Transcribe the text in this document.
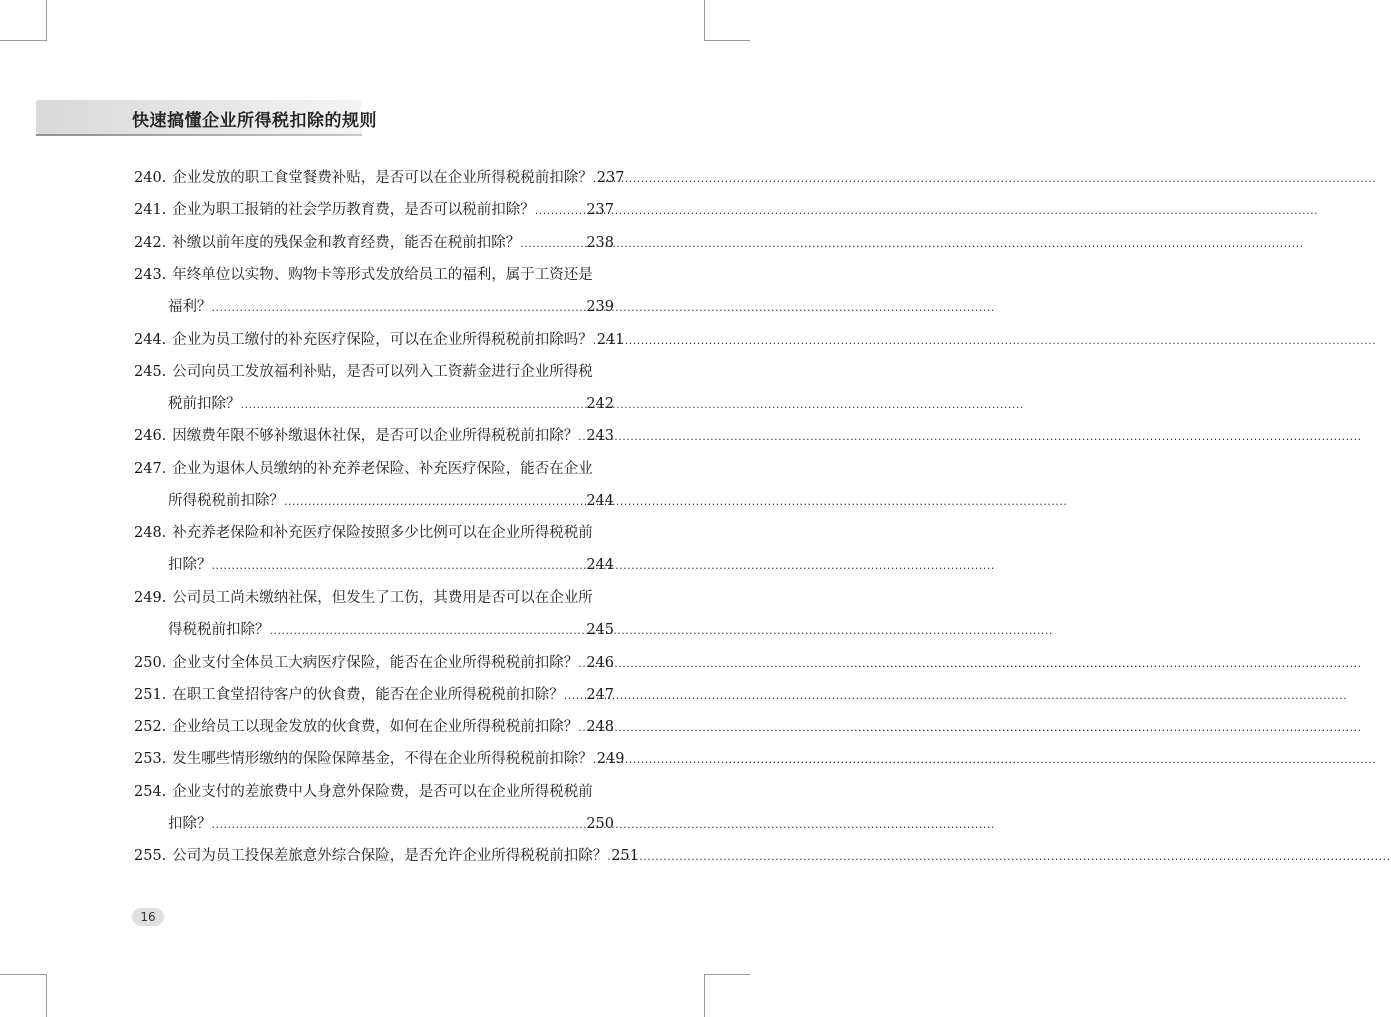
快速搞懂企业所得税扣除的规则
240. 企业发放的职工食堂餐费补贴，是否可以在企业所得税税前扣除？ ..... 237
241. 企业为职工报销的社会学历教育费，是否可以税前扣除？ .....	237
242. 补缴以前年度的残保金和教育经费，能否在税前扣除？ .....	238
243. 年终单位以实物、购物卡等形式发放给员工的福利，属于工资还是
福利？ .....	239
244. 企业为员工缴付的补充医疗保险，可以在企业所得税税前扣除吗？ ..... 241
245. 公司向员工发放福利补贴，是否可以列入工资薪金进行企业所得税
税前扣除？ .....	242
246. 因缴费年限不够补缴退休社保，是否可以企业所得税税前扣除？ ..... 243
247. 企业为退休人员缴纳的补充养老保险、补充医疗保险，能否在企业
所得税税前扣除？ .....	244
248. 补充养老保险和补充医疗保险按照多少比例可以在企业所得税税前
扣除？ .....	244
249. 公司员工尚未缴纳社保，但发生了工伤，其费用是否可以在企业所
得税税前扣除？ .....	245
250. 企业支付全体员工大病医疗保险，能否在企业所得税税前扣除？ ..... 246
251. 在职工食堂招待客户的伙食费，能否在企业所得税税前扣除？ ..... 247
252. 企业给员工以现金发放的伙食费，如何在企业所得税税前扣除？ ..... 248
253. 发生哪些情形缴纳的保险保障基金，不得在企业所得税税前扣除？ ..... 249
254. 企业支付的差旅费中人身意外保险费，是否可以在企业所得税税前
扣除？ .....	250
255. 公司为员工投保差旅意外综合保险，是否允许企业所得税税前扣除？ ..... 251
16
